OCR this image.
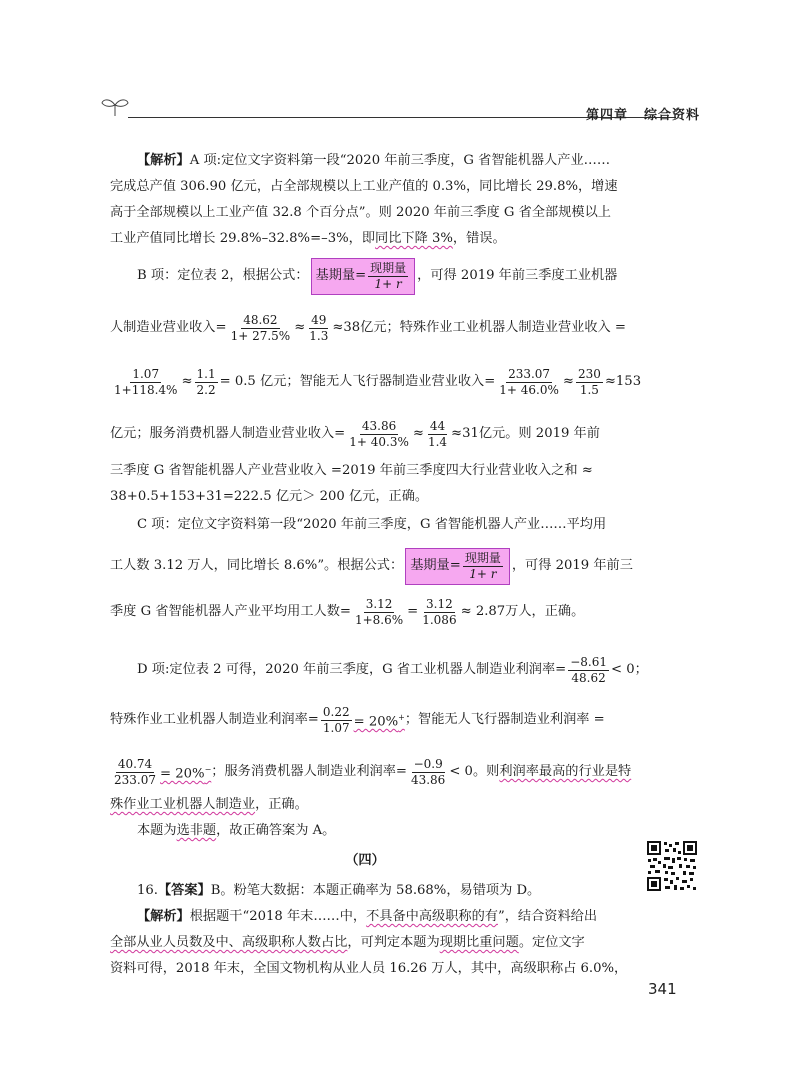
第四章 综合资料
【解析】A 项:定位文字资料第一段“2020 年前三季度，G 省智能机器人产业……
完成总产值 306.90 亿元，占全部规模以上工业产值的 0.3%，同比增长 29.8%，增速
高于全部规模以上工业产值 32.8 个百分点”。则 2020 年前三季度 G 省全部规模以上
工业产值同比增长 29.8%–32.8%=–3%，即 同比下降 3% ，错误。
B 项：定位表 2，根据公式： 基期量= $\frac{\text{现期量}}{1+ r}$ ，可得 2019 年前三季度工业机器
人制造业营业收入= $\frac{48.62}{1+ 27.5\%} \approx \frac{49}{1.3} \approx 38$亿元；特殊作业工业机器人制造业营业收入 =
$\frac{1.07}{1+118.4\%} \approx \frac{1.1}{2.2} = 0.5$ 亿元；智能无人飞行器制造业营业收入= $\frac{233.07}{1+ 46.0\%} \approx \frac{230}{1.5} \approx 153$
亿元；服务消费机器人制造业营业收入= $\frac{43.86}{1+ 40.3\%} \approx \frac{44}{1.4} \approx 31$亿元。则 2019 年前
三季度 G 省智能机器人产业营业收入 =2019 年前三季度四大行业营业收入之和 ≈
38+0.5+153+31=222.5 亿元＞ 200 亿元，正确。
C 项：定位文字资料第一段“2020 年前三季度，G 省智能机器人产业……平均用
工人数 3.12 万人，同比增长 8.6%”。根据公式： 基期量= $\frac{\text{现期量}}{1+ r}$ ，可得 2019 年前三
季度 G 省智能机器人产业平均用工人数= $\frac{3.12}{1+8.6\%} = \frac{3.12}{1.086} \approx 2.87$万人，正确。
D 项:定位表 2 可得，2020 年前三季度，G 省工业机器人制造业利润率= $\frac{-8.61}{48.62} < 0$；
特殊作业工业机器人制造业利润率= $\frac{0.22}{1.07} = 20\%^+$ ；智能无人飞行器制造业利润率 =
$\frac{40.74}{233.07} = 20\%^-$ ；服务消费机器人制造业利润率= $\frac{-0.9}{43.86} < 0$。则 利润率最高的行业是特
殊作业工业机器人制造业 ，正确。
本题为 选非题 ，故正确答案为 A。
（四）
16. 【答案】 B。粉笔大数据：本题正确率为 58.68%，易错项为 D。
【解析】 根据题干“2018 年末……中， 不具备中高级职称的有 ”，结合资料给出
全部从业人员数及中、高级职称人数占比 ，可判定本题为 现期比重问题 。定位文字
资料可得，2018 年末，全国文物机构从业人员 16.26 万人，其中，高级职称占 6.0%，
341
